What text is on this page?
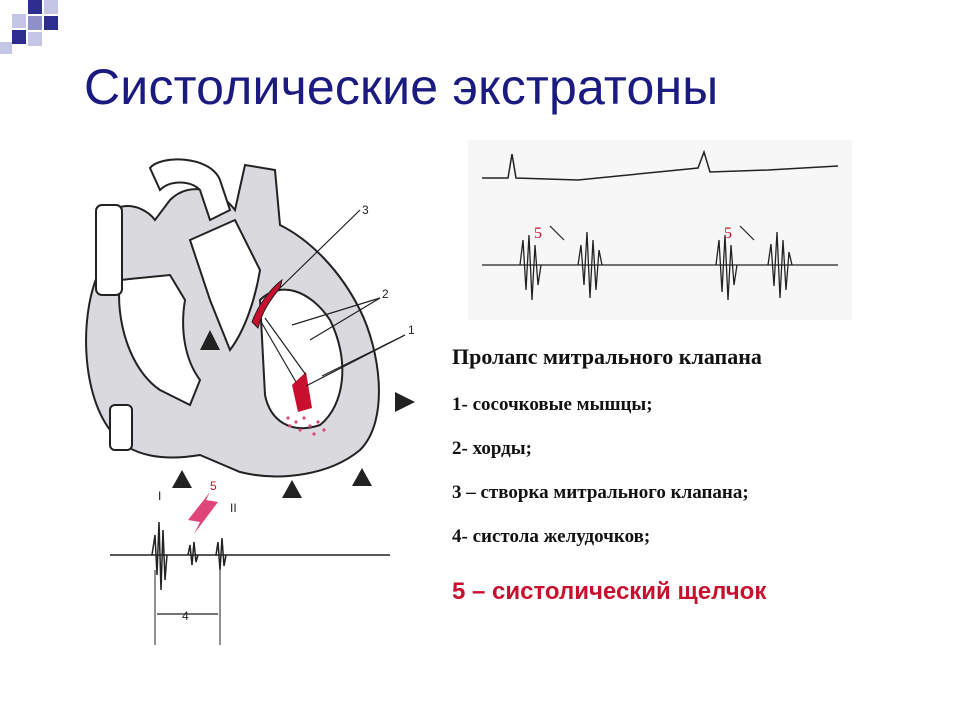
Систолические экстратоны
3
2
1
I
II
5
4
5	5
Пролапс митрального клапана
1- сосочковые мышцы;
2- хорды;
3 – створка митрального клапана;
4- систола желудочков;
5 – систолический щелчок
